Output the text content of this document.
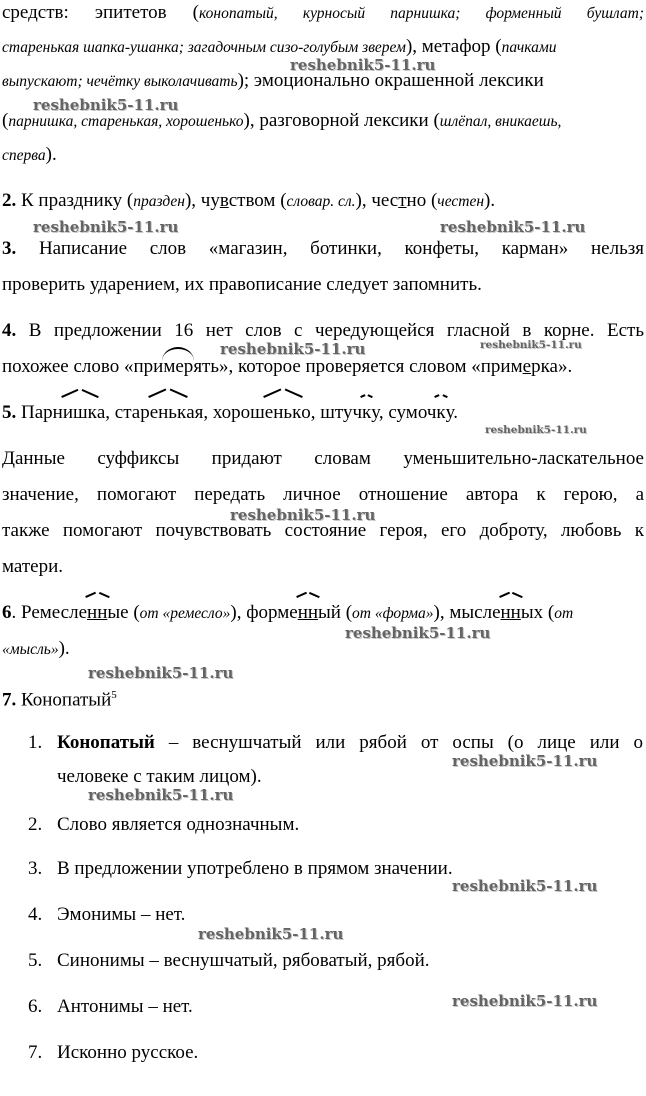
средств: эпитетов (конопатый, курносый парнишка; форменный бушлат;
старенькая шапка-ушанка; загадочным сизо-голубым зверем), метафор (пачками
выпускают; чечётку выколачивать); эмоционально окрашенной лексики
(парнишка, старенькая, хорошенько), разговорной лексики (шлёпал, вникаешь,
сперва).
2. К празднику (празден), чувством (словар. сл.), честно (честен).
3. Написание слов «магазин, ботинки, конфеты, карман» нельзя
проверить ударением, их правописание следует запомнить.
4. В предложении 16 нет слов с чередующейся гласной в корне. Есть
похожее слово «примерять», которое проверяется словом «примерка».
5. Парнишка, старенькая, хорошенько, штучку, сумочку.
Данные суффиксы придают словам уменьшительно-ласкательное
значение, помогают передать личное отношение автора к герою, а
также помогают почувствовать состояние героя, его доброту, любовь к
матери.
6. Ремесленные (от «ремесло»), форменный (от «форма»), мысленных (от
«мысль»).
7. Конопатый$^5$
1. Конопатый – веснушчатый или рябой от оспы (о лице или о
человеке с таким лицом).
2. Слово является однозначным.
3. В предложении употреблено в прямом значении.
4. Эмонимы – нет.
5. Синонимы – веснушчатый, рябоватый, рябой.
6. Антонимы – нет.
7. Исконно русское.
reshebnik5-11.ru
reshebnik5-11.ru
reshebnik5-11.ru	reshebnik5-11.ru
reshebnik5-11.ru	reshebnik5-11.ru
reshebnik5-11.ru
reshebnik5-11.ru
reshebnik5-11.ru
reshebnik5-11.ru
reshebnik5-11.ru
reshebnik5-11.ru
reshebnik5-11.ru
reshebnik5-11.ru
reshebnik5-11.ru
